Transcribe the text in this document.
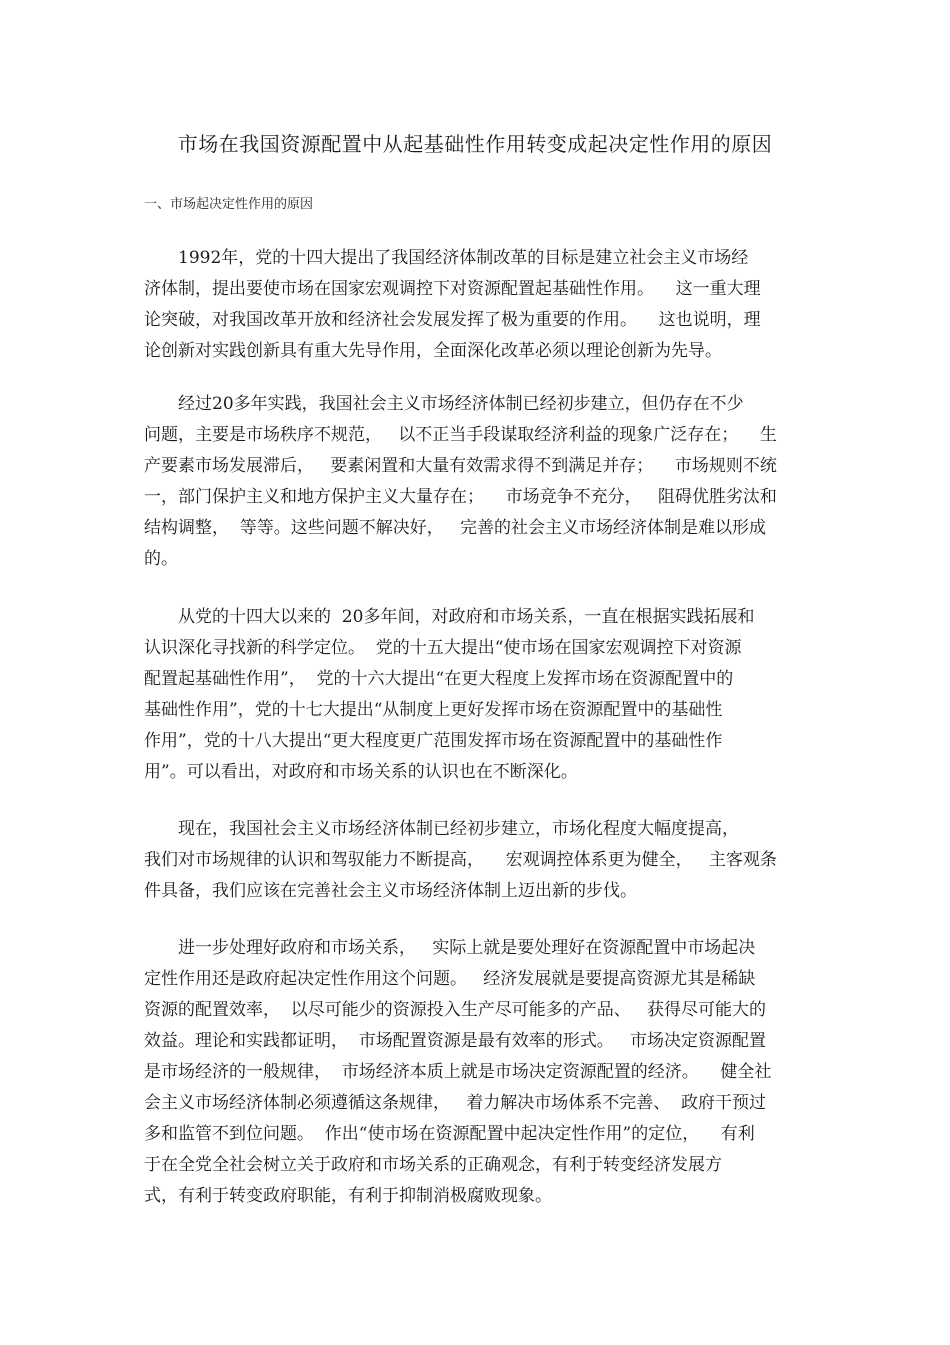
市场在我国资源配置中从起基础性作用转变成起决定性作用的原因
一、市场起决定性作用的原因
1992年，党的十四大提出了我国经济体制改革的目标是建立社会主义市场经
济体制，提出要使市场在国家宏观调控下对资源配置起基础性作用。    这一重大理
论突破，对我国改革开放和经济社会发展发挥了极为重要的作用。    这也说明，理
论创新对实践创新具有重大先导作用，全面深化改革必须以理论创新为先导。
经过20多年实践，我国社会主义市场经济体制已经初步建立，但仍存在不少
问题，主要是市场秩序不规范，   以不正当手段谋取经济利益的现象广泛存在；    生
产要素市场发展滞后，   要素闲置和大量有效需求得不到满足并存；    市场规则不统
一，部门保护主义和地方保护主义大量存在；    市场竞争不充分，   阻碍优胜劣汰和
结构调整，  等等。这些问题不解决好，   完善的社会主义市场经济体制是难以形成
的。
从党的十四大以来的  20多年间，对政府和市场关系，一直在根据实践拓展和
认识深化寻找新的科学定位。  党的十五大提出“使市场在国家宏观调控下对资源
配置起基础性作用”，  党的十六大提出“在更大程度上发挥市场在资源配置中的
基础性作用”，党的十七大提出“从制度上更好发挥市场在资源配置中的基础性
作用”，党的十八大提出“更大程度更广范围发挥市场在资源配置中的基础性作
用”。可以看出，对政府和市场关系的认识也在不断深化。
现在，我国社会主义市场经济体制已经初步建立，市场化程度大幅度提高，
我们对市场规律的认识和驾驭能力不断提高，    宏观调控体系更为健全，   主客观条
件具备，我们应该在完善社会主义市场经济体制上迈出新的步伐。
进一步处理好政府和市场关系，   实际上就是要处理好在资源配置中市场起决
定性作用还是政府起决定性作用这个问题。   经济发展就是要提高资源尤其是稀缺
资源的配置效率，  以尽可能少的资源投入生产尽可能多的产品、   获得尽可能大的
效益。理论和实践都证明，  市场配置资源是最有效率的形式。   市场决定资源配置
是市场经济的一般规律，  市场经济本质上就是市场决定资源配置的经济。    健全社
会主义市场经济体制必须遵循这条规律，   着力解决市场体系不完善、  政府干预过
多和监管不到位问题。  作出“使市场在资源配置中起决定性作用”的定位，    有利
于在全党全社会树立关于政府和市场关系的正确观念，有利于转变经济发展方
式，有利于转变政府职能，有利于抑制消极腐败现象。
